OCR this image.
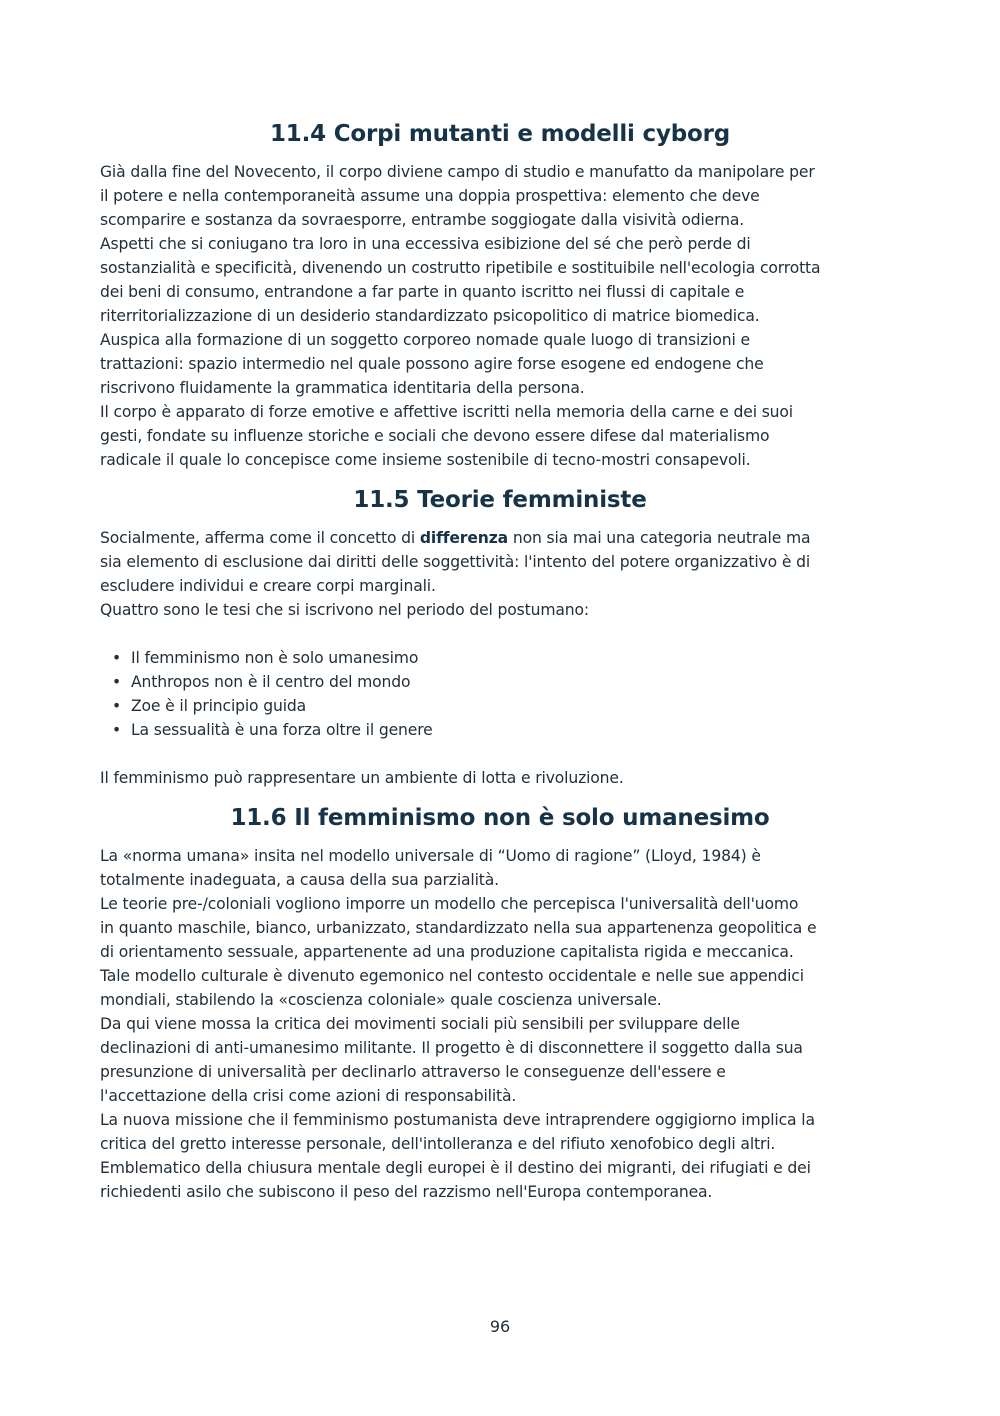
11.4 Corpi mutanti e modelli cyborg

Già dalla fine del Novecento, il corpo diviene campo di studio e manufatto da manipolare per

il potere e nella contemporaneità assume una doppia prospettiva: elemento che deve

scomparire e sostanza da sovraesporre, entrambe soggiogate dalla visività odierna.

Aspetti che si coniugano tra loro in una eccessiva esibizione del sé che però perde di

sostanzialità e specificità, divenendo un costrutto ripetibile e sostituibile nell'ecologia corrotta

dei beni di consumo, entrandone a far parte in quanto iscritto nei flussi di capitale e

riterritorializzazione di un desiderio standardizzato psicopolitico di matrice biomedica.

Auspica alla formazione di un soggetto corporeo nomade quale luogo di transizioni e

trattazioni: spazio intermedio nel quale possono agire forse esogene ed endogene che

riscrivono fluidamente la grammatica identitaria della persona.

Il corpo è apparato di forze emotive e affettive iscritti nella memoria della carne e dei suoi

gesti, fondate su influenze storiche e sociali che devono essere difese dal materialismo

radicale il quale lo concepisce come insieme sostenibile di tecno-mostri consapevoli.

11.5 Teorie femministe

Socialmente, afferma come il concetto di differenza non sia mai una categoria neutrale ma

sia elemento di esclusione dai diritti delle soggettività: l'intento del potere organizzativo è di

escludere individui e creare corpi marginali.

Quattro sono le tesi che si iscrivono nel periodo del postumano:

• Il femminismo non è solo umanesimo
• Anthropos non è il centro del mondo
• Zoe è il principio guida
• La sessualità è una forza oltre il genere

Il femminismo può rappresentare un ambiente di lotta e rivoluzione.

11.6 Il femminismo non è solo umanesimo

La «norma umana» insita nel modello universale di “Uomo di ragione” (Lloyd, 1984) è

totalmente inadeguata, a causa della sua parzialità.

Le teorie pre-/coloniali vogliono imporre un modello che percepisca l'universalità dell'uomo

in quanto maschile, bianco, urbanizzato, standardizzato nella sua appartenenza geopolitica e

di orientamento sessuale, appartenente ad una produzione capitalista rigida e meccanica.

Tale modello culturale è divenuto egemonico nel contesto occidentale e nelle sue appendici

mondiali, stabilendo la «coscienza coloniale» quale coscienza universale.

Da qui viene mossa la critica dei movimenti sociali più sensibili per sviluppare delle

declinazioni di anti-umanesimo militante. Il progetto è di disconnettere il soggetto dalla sua

presunzione di universalità per declinarlo attraverso le conseguenze dell'essere e

l'accettazione della crisi come azioni di responsabilità.

La nuova missione che il femminismo postumanista deve intraprendere oggigiorno implica la

critica del gretto interesse personale, dell'intolleranza e del rifiuto xenofobico degli altri.

Emblematico della chiusura mentale degli europei è il destino dei migranti, dei rifugiati e dei

richiedenti asilo che subiscono il peso del razzismo nell'Europa contemporanea.

96
